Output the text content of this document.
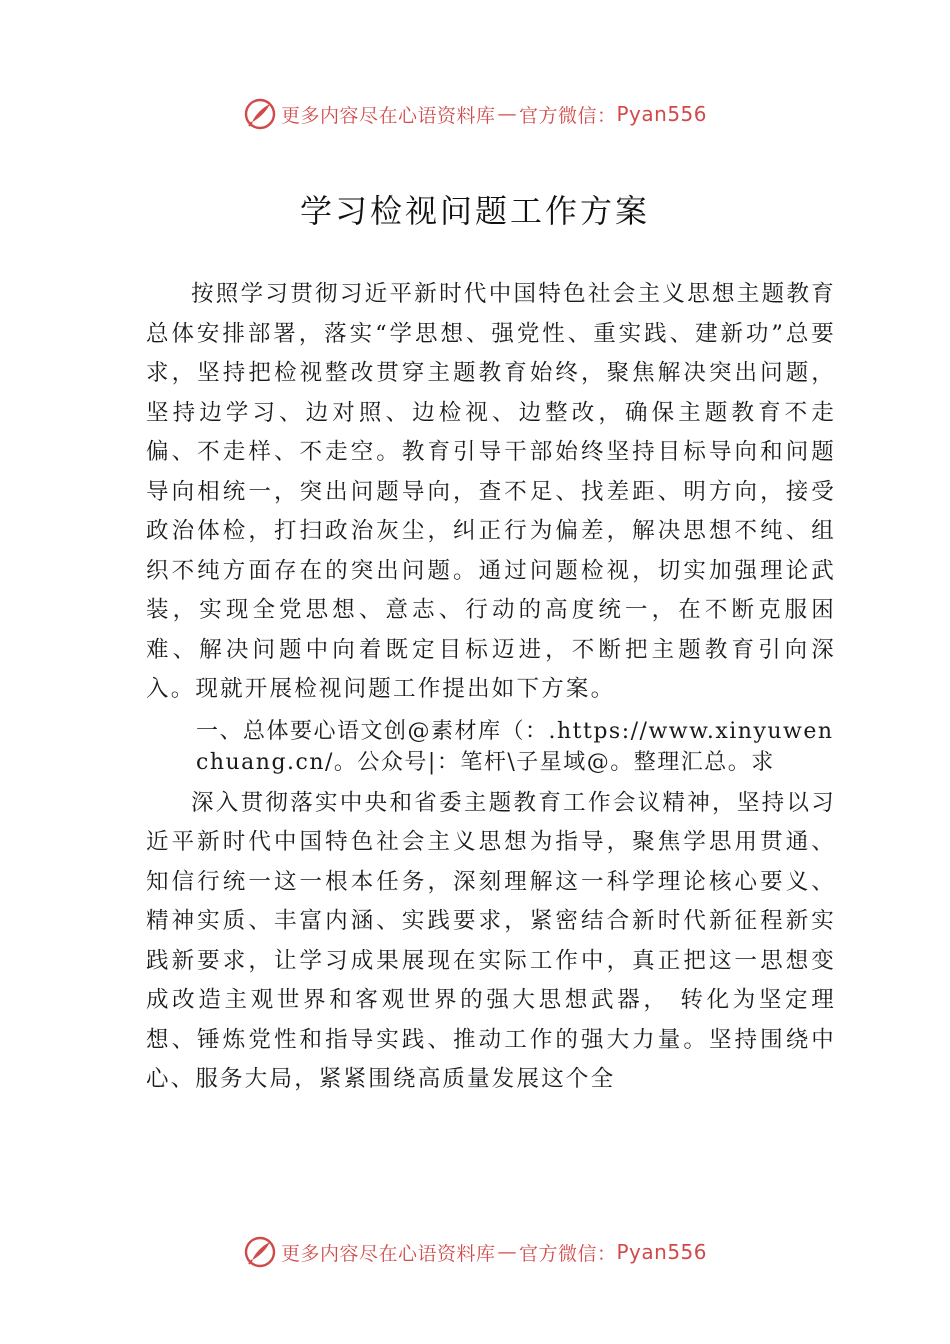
更多内容尽在心语资料库 — 官方微信： Pyan556
学习检视问题工作方案

按照学习贯彻习近平新时代中国特色社会主义思想主题教育总体安排部署，落实“学思想、强党性、重实践、建新功”总要求，坚持把检视整改贯穿主题教育始终，聚焦解决突出问题，坚持边学习、边对照、边检视、边整改，确保主题教育不走偏、不走样、不走空。教育引导干部始终坚持目标导向和问题导向相统一，突出问题导向，查不足、找差距、明方向，接受政治体检，打扫政治灰尘，纠正行为偏差，解决思想不纯、组织不纯方面存在的突出问题。通过问题检视，切实加强理论武装，实现全党思想、意志、行动的高度统一，在不断克服困难、解决问题中向着既定目标迈进，不断把主题教育引向深入。现就开展检视问题工作提出如下方案。

一、总体要心语文创@素材库（：.https://www.xinyuwenchuang.cn/。公众号|：笔杆\子星域@。整理汇总。求

深入贯彻落实中央和省委主题教育工作会议精神，坚持以习近平新时代中国特色社会主义思想为指导，聚焦学思用贯通、知信行统一这一根本任务，深刻理解这一科学理论核心要义、精神实质、丰富内涵、实践要求，紧密结合新时代新征程新实践新要求，让学习成果展现在实际工作中，真正把这一思想变成改造主观世界和客观世界的强大思想武器， 转化为坚定理想、锤炼党性和指导实践、推动工作的强大力量。坚持围绕中心、服务大局，紧紧围绕高质量发展这个全

更多内容尽在心语资料库 — 官方微信： Pyan556
